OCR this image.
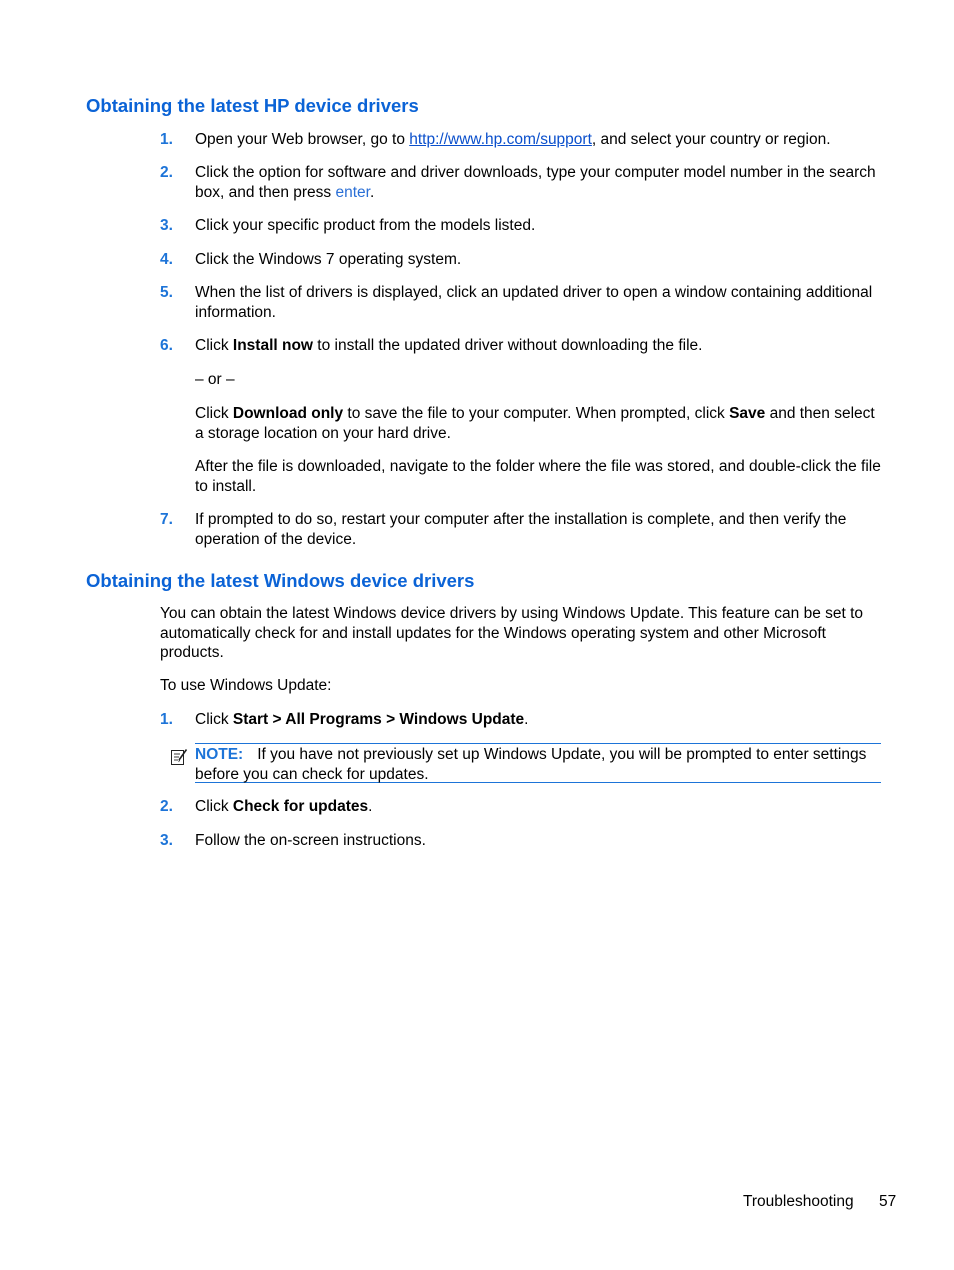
Obtaining the latest HP device drivers
1.	Open your Web browser, go to http://www.hp.com/support, and select your country or region.
2.	Click the option for software and driver downloads, type your computer model number in the search box, and then press enter.
3.	Click your specific product from the models listed.
4.	Click the Windows 7 operating system.
5.	When the list of drivers is displayed, click an updated driver to open a window containing additional information.
6.	Click Install now to install the updated driver without downloading the file.
– or –
Click Download only to save the file to your computer. When prompted, click Save and then select a storage location on your hard drive.
After the file is downloaded, navigate to the folder where the file was stored, and double-click the file to install.
7.	If prompted to do so, restart your computer after the installation is complete, and then verify the operation of the device.
Obtaining the latest Windows device drivers
You can obtain the latest Windows device drivers by using Windows Update. This feature can be set to automatically check for and install updates for the Windows operating system and other Microsoft products.
To use Windows Update:
1.	Click Start > All Programs > Windows Update.
NOTE: If you have not previously set up Windows Update, you will be prompted to enter settings before you can check for updates.
2.	Click Check for updates.
3.	Follow the on-screen instructions.
Troubleshooting 57
